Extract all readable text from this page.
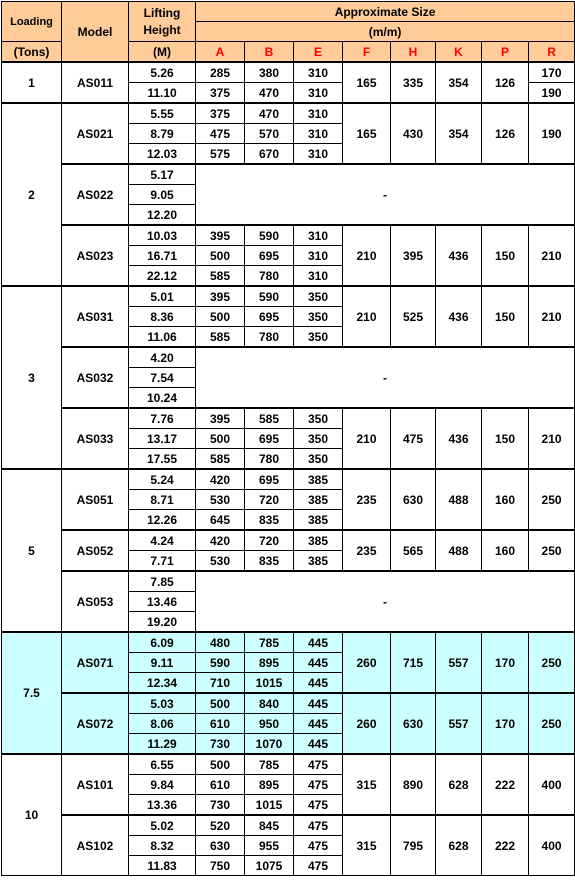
Loading	Model	Lifting Height	Approximate Size							
			(m/m)							
(Tons)		(M)	A	B	E	F	H	K	P	R
1	AS011	5.26	285	380	310	165	335	354	126	170
		11.10	375	470	310					190
2	AS021	5.55	375	470	310	165	430	354	126	190
		8.79	475	570	310					
		12.03	575	670	310					
	AS022	5.17	-							
		9.05								
		12.20								
	AS023	10.03	395	590	310	210	395	436	150	210
		16.71	500	695	310					
		22.12	585	780	310					
3	AS031	5.01	395	590	350	210	525	436	150	210
		8.36	500	695	350					
		11.06	585	780	350					
	AS032	4.20	-							
		7.54								
		10.24								
	AS033	7.76	395	585	350	210	475	436	150	210
		13.17	500	695	350					
		17.55	585	780	350					
5	AS051	5.24	420	695	385	235	630	488	160	250
		8.71	530	720	385					
		12.26	645	835	385					
	AS052	4.24	420	720	385	235	565	488	160	250
		7.71	530	835	385					
	AS053	7.85	-							
		13.46								
		19.20								
7.5	AS071	6.09	480	785	445	260	715	557	170	250
		9.11	590	895	445					
		12.34	710	1015	445					
	AS072	5.03	500	840	445	260	630	557	170	250
		8.06	610	950	445					
		11.29	730	1070	445					
10	AS101	6.55	500	785	475	315	890	628	222	400
		9.84	610	895	475					
		13.36	730	1015	475					
	AS102	5.02	520	845	475	315	795	628	222	400
		8.32	630	955	475					
		11.83	750	1075	475					
